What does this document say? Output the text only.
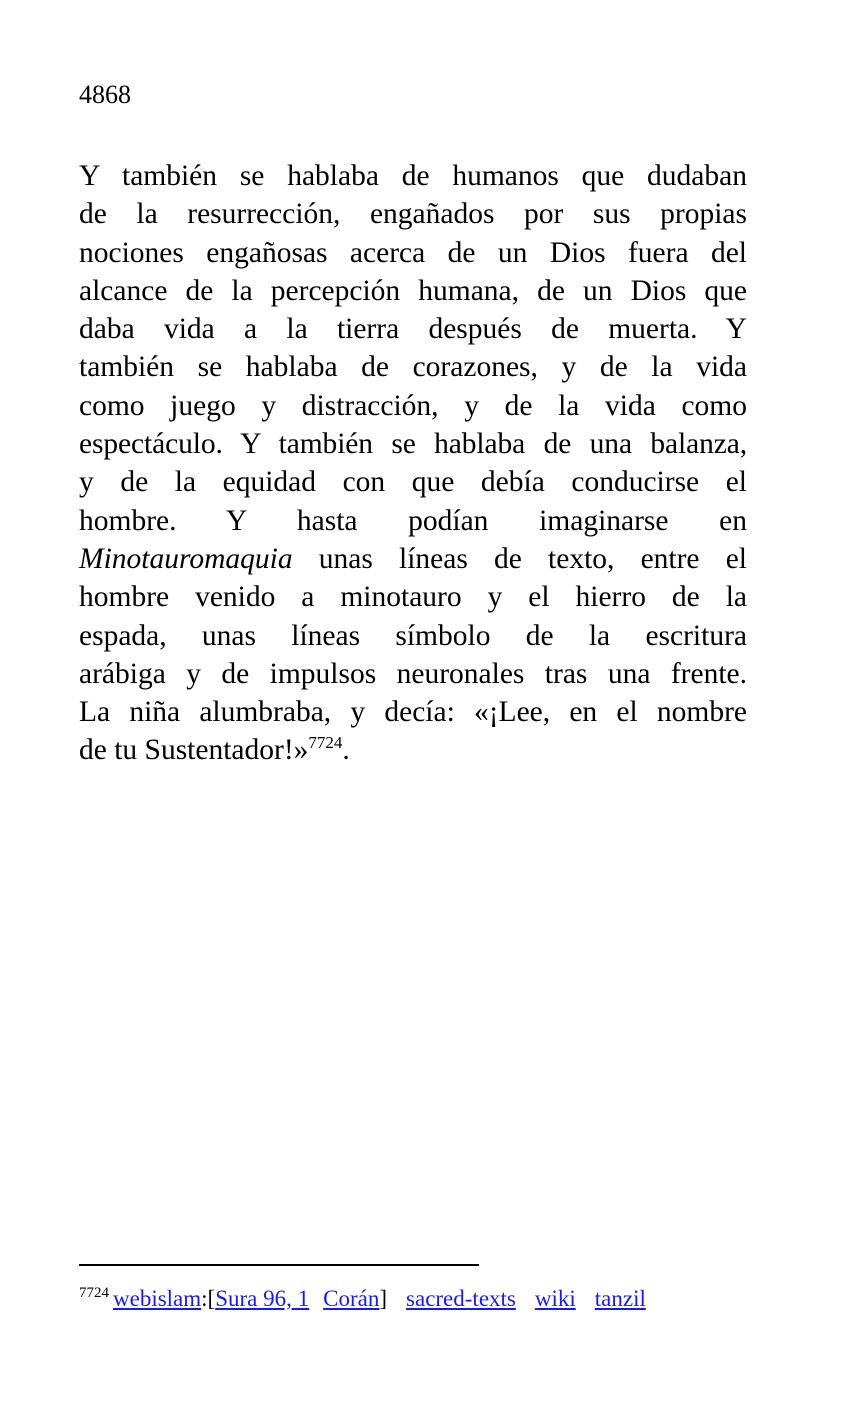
4868
Y también se hablaba de humanos que dudaban
de la resurrección, engañados por sus propias
nociones engañosas acerca de un Dios fuera del
alcance de la percepción humana, de un Dios que
daba vida a la tierra después de muerta. Y
también se hablaba de corazones, y de la vida
como juego y distracción, y de la vida como
espectáculo. Y también se hablaba de una balanza,
y de la equidad con que debía conducirse el
hombre. Y hasta podían imaginarse en
Minotauromaquia unas líneas de texto, entre el
hombre venido a minotauro y el hierro de la
espada, unas líneas símbolo de la escritura
arábiga y de impulsos neuronales tras una frente.
La niña alumbraba, y decía: «¡Lee, en el nombre
de tu Sustentador!»$^{7724}$.
$^{7724}$ webislam:[Sura 96, 1 Corán] sacred-texts wiki tanzil
